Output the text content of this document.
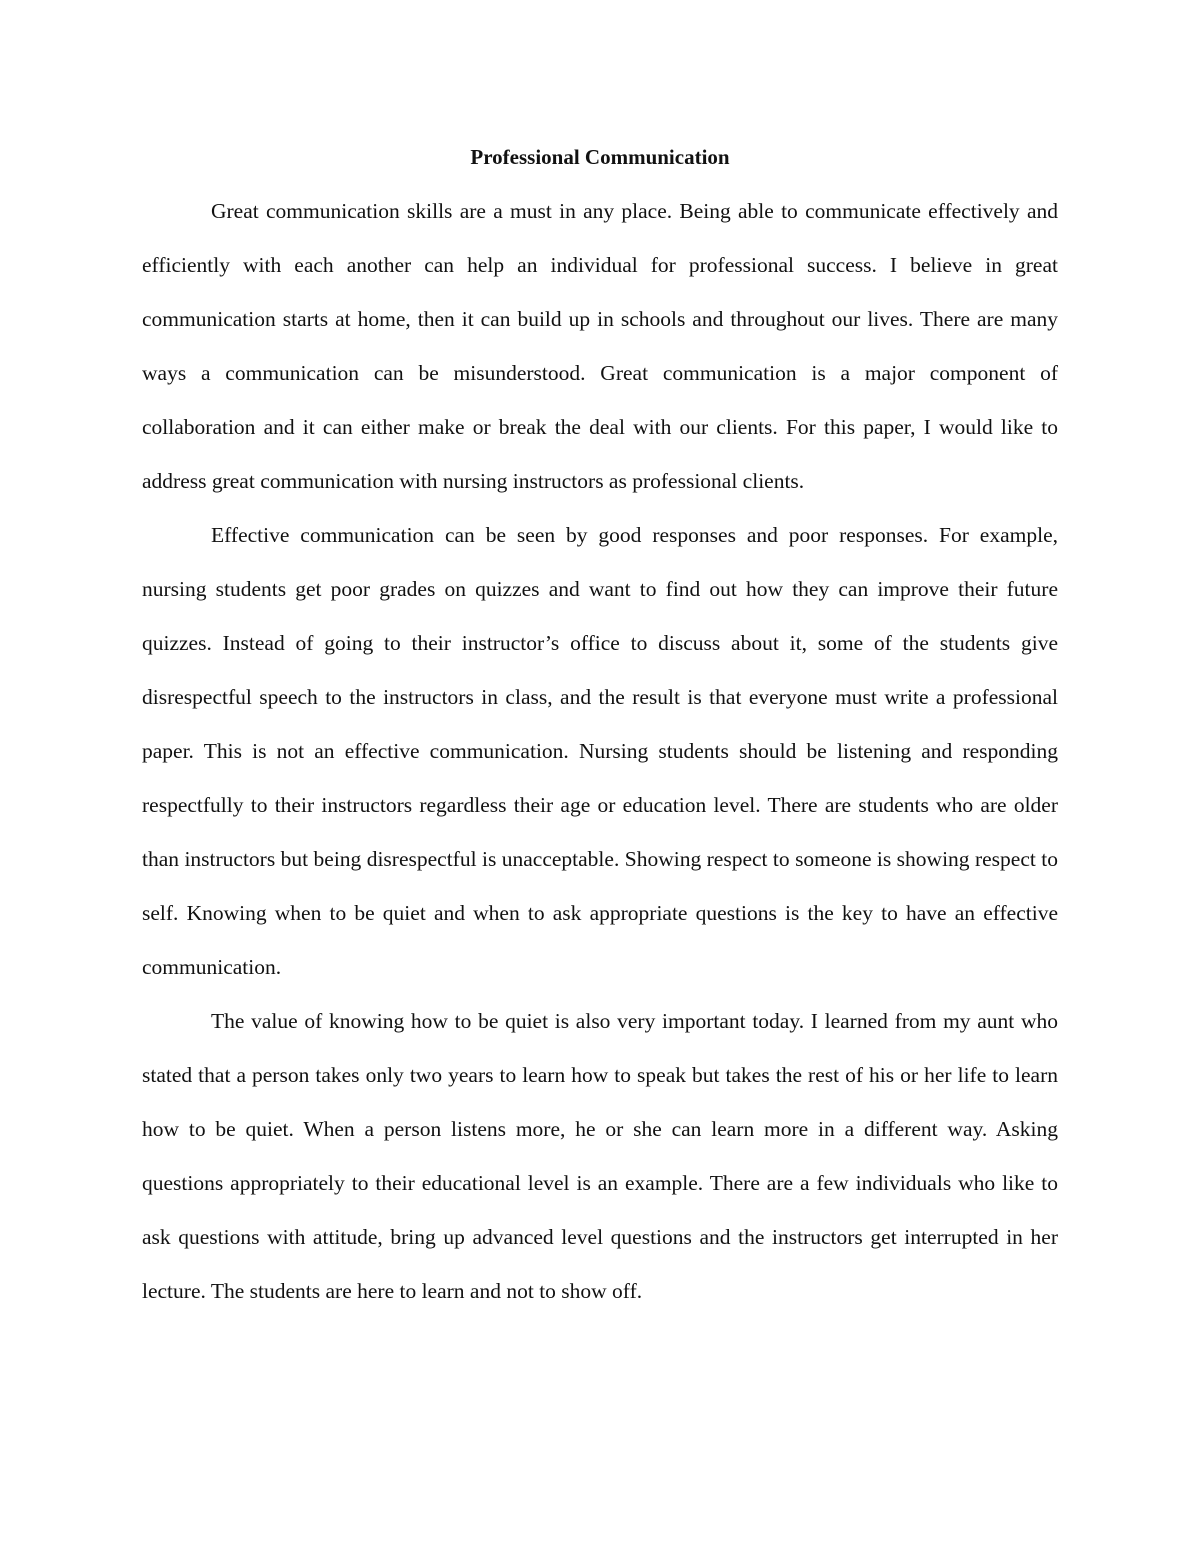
Professional Communication

Great communication skills are a must in any place. Being able to communicate effectively and efficiently with each another can help an individual for professional success. I believe in great communication starts at home, then it can build up in schools and throughout our lives. There are many ways a communication can be misunderstood. Great communication is a major component of collaboration and it can either make or break the deal with our clients. For this paper, I would like to address great communication with nursing instructors as professional clients.

Effective communication can be seen by good responses and poor responses. For example, nursing students get poor grades on quizzes and want to find out how they can improve their future quizzes. Instead of going to their instructor’s office to discuss about it, some of the students give disrespectful speech to the instructors in class, and the result is that everyone must write a professional paper. This is not an effective communication. Nursing students should be listening and responding respectfully to their instructors regardless their age or education level. There are students who are older than instructors but being disrespectful is unacceptable. Showing respect to someone is showing respect to self. Knowing when to be quiet and when to ask appropriate questions is the key to have an effective communication.

The value of knowing how to be quiet is also very important today. I learned from my aunt who stated that a person takes only two years to learn how to speak but takes the rest of his or her life to learn how to be quiet. When a person listens more, he or she can learn more in a different way. Asking questions appropriately to their educational level is an example. There are a few individuals who like to ask questions with attitude, bring up advanced level questions and the instructors get interrupted in her lecture. The students are here to learn and not to show off.
